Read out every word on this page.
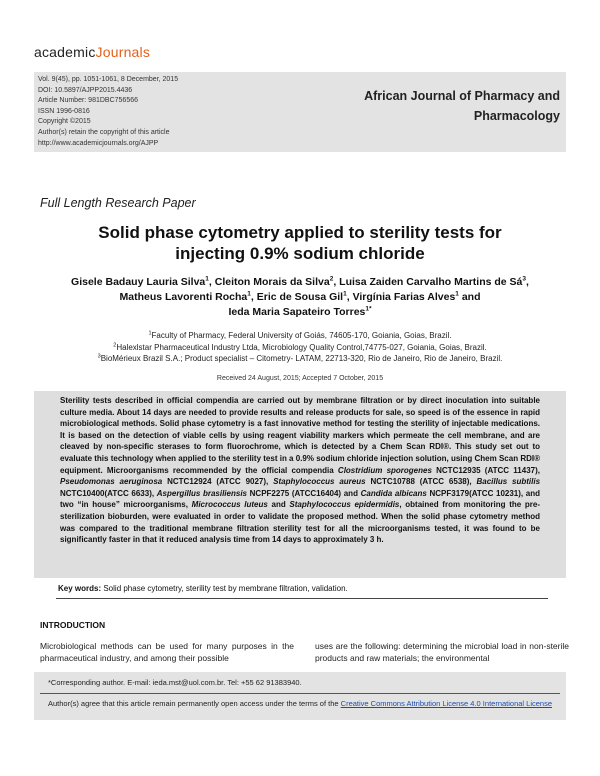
academicJournals
Vol. 9(45), pp. 1051-1061, 8 December, 2015
DOI: 10.5897/AJPP2015.4436
Article Number: 981DBC756566
ISSN 1996-0816
Copyright ©2015
Author(s) retain the copyright of this article
http://www.academicjournals.org/AJPP
African Journal of Pharmacy and
Pharmacology
Full Length Research Paper
Solid phase cytometry applied to sterility tests for
injecting 0.9% sodium chloride
Gisele Badauy Lauria Silva$^1$, Cleiton Morais da Silva$^2$, Luisa Zaiden Carvalho Martins de $Sá^3$,
Matheus Lavorenti Rocha$^1$, Eric de Sousa Gil$^1$, Virgínia Farias Alves$^1$ and
Ieda Maria Sapateiro Torres$^{1*}$
$^1$Faculty of Pharmacy, Federal University of Goiás, 74605-170, Goiania, Goias, Brazil.
$^2$Halexlstar Pharmaceutical Industry Ltda, Microbiology Quality Control,74775-027, Goiania, Goias, Brazil.
$^3$BioMérieux Brazil S.A.; Product specialist – Citometry- LATAM, 22713-320, Rio de Janeiro, Rio de Janeiro, Brazil.
Received 24 August, 2015; Accepted 7 October, 2015

Sterility tests described in official compendia are carried out by membrane filtration or by direct inoculation into suitable culture media. About 14 days are needed to provide results and release products for sale, so speed is of the essence in rapid microbiological methods. Solid phase cytometry is a fast innovative method for testing the sterility of injectable medications. It is based on the detection of viable cells by using reagent viability markers which permeate the cell membrane, and are cleaved by non-specific sterases to form fluorochrome, which is detected by a Chem Scan RDI®. This study set out to evaluate this technology when applied to the sterility test in a 0.9% sodium chloride injection solution, using Chem Scan RDI® equipment. Microorganisms recommended by the official compendia Clostridium sporogenes NCTC12935 (ATCC 11437), Pseudomonas aeruginosa NCTC12924 (ATCC 9027), Staphylococcus aureus NCTC10788 (ATCC 6538), Bacillus subtilis NCTC10400(ATCC 6633), Aspergillus brasiliensis NCPF2275 (ATCC16404) and Candida albicans NCPF3179(ATCC 10231), and two “in house” microorganisms, Micrococcus luteus and Staphylococcus epidermidis, obtained from monitoring the pre-sterilization bioburden, were evaluated in order to validate the proposed method. When the solid phase cytometry method was compared to the traditional membrane filtration sterility test for all the microorganisms tested, it was found to be significantly faster in that it reduced analysis time from 14 days to approximately 3 h.

Key words: Solid phase cytometry, sterility test by membrane filtration, validation.
INTRODUCTION
Microbiological methods can be used for many purposes in the pharmaceutical industry, and among their possible
uses are the following: determining the microbial load in non-sterile products and raw materials; the environmental
*Corresponding author. E-mail: ieda.mst@uol.com.br. Tel: +55 62 91383940.
Author(s) agree that this article remain permanently open access under the terms of the Creative Commons Attribution License 4.0 International License
